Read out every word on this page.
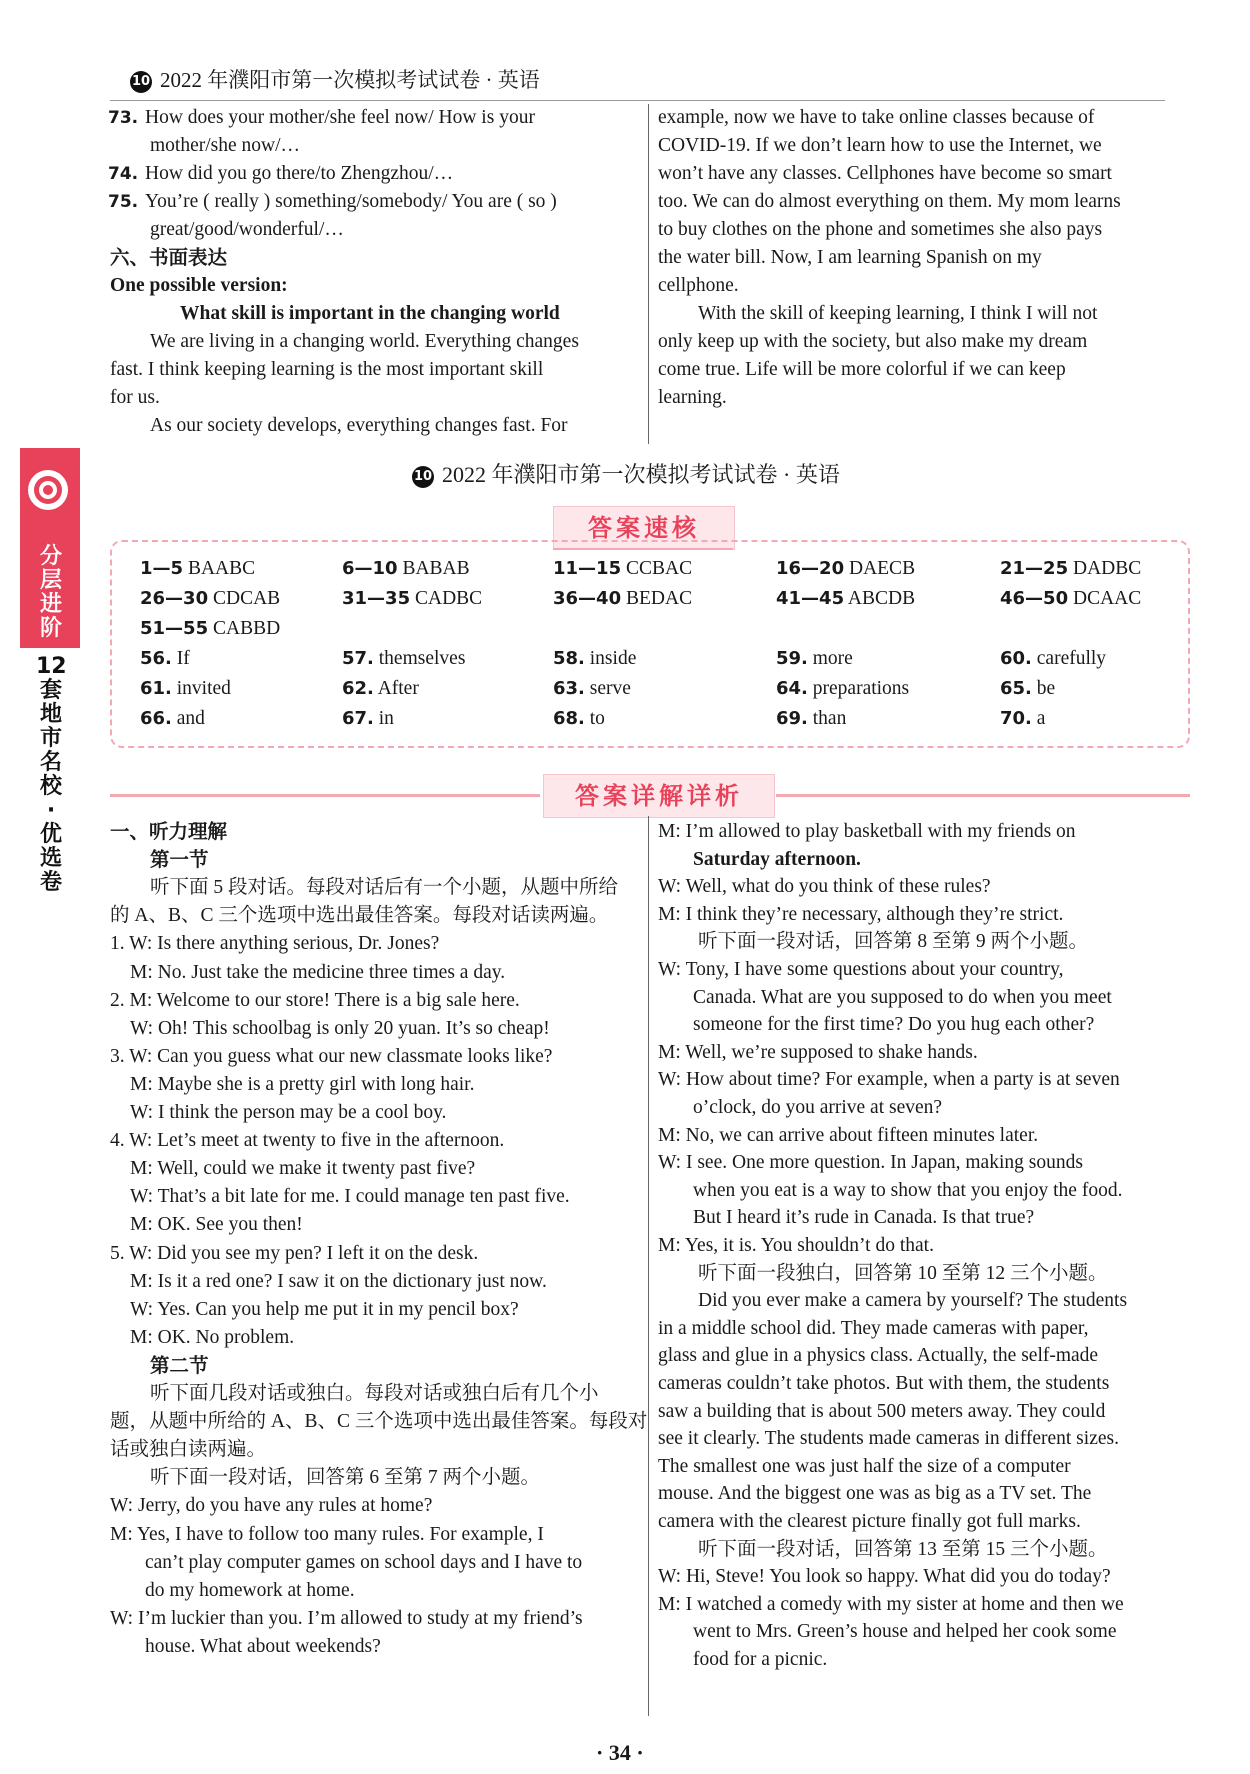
10 2022 年濮阳市第一次模拟考试试卷 · 英语
73. How does your mother/she feel now/ How is your
mother/she now/…
74. How did you go there/to Zhengzhou/…
75. You’re ( really ) something/somebody/ You are ( so )
great/good/wonderful/…
六、书面表达
One possible version:
What skill is important in the changing world
We are living in a changing world. Everything changes
fast. I think keeping learning is the most important skill
for us.
As our society develops, everything changes fast. For
example, now we have to take online classes because of
COVID-19. If we don’t learn how to use the Internet, we
won’t have any classes. Cellphones have become so smart
too. We can do almost everything on them. My mom learns
to buy clothes on the phone and sometimes she also pays
the water bill. Now, I am learning Spanish on my
cellphone.
With the skill of keeping learning, I think I will not
only keep up with the society, but also make my dream
come true. Life will be more colorful if we can keep
learning.
分层进阶
12套地市名校·优选卷
10 2022 年濮阳市第一次模拟考试试卷 · 英语
答案速核
1—5 BAABC	6—10 BABAB	11—15 CCBAC	16—20 DAECB	21—25 DADBC
26—30 CDCAB	31—35 CADBC	36—40 BEDAC	41—45 ABCDB	46—50 DCAAC
51—55 CABBD
56. If	57. themselves	58. inside	59. more	60. carefully
61. invited	62. After	63. serve	64. preparations	65. be
66. and	67. in	68. to	69. than	70. a
答案详解详析
一、听力理解
第一节
听下面 5 段对话。每段对话后有一个小题，从题中所给
的 A、B、C 三个选项中选出最佳答案。每段对话读两遍。
1. W: Is there anything serious, Dr. Jones?
M: No. Just take the medicine three times a day.
2. M: Welcome to our store! There is a big sale here.
W: Oh! This schoolbag is only 20 yuan. It’s so cheap!
3. W: Can you guess what our new classmate looks like?
M: Maybe she is a pretty girl with long hair.
W: I think the person may be a cool boy.
4. W: Let’s meet at twenty to five in the afternoon.
M: Well, could we make it twenty past five?
W: That’s a bit late for me. I could manage ten past five.
M: OK. See you then!
5. W: Did you see my pen? I left it on the desk.
M: Is it a red one? I saw it on the dictionary just now.
W: Yes. Can you help me put it in my pencil box?
M: OK. No problem.
第二节
听下面几段对话或独白。每段对话或独白后有几个小
题，从题中所给的 A、B、C 三个选项中选出最佳答案。每段对
话或独白读两遍。
听下面一段对话，回答第 6 至第 7 两个小题。
W: Jerry, do you have any rules at home?
M: Yes, I have to follow too many rules. For example, I
can’t play computer games on school days and I have to
do my homework at home.
W: I’m luckier than you. I’m allowed to study at my friend’s
house. What about weekends?
M: I’m allowed to play basketball with my friends on
Saturday afternoon.
W: Well, what do you think of these rules?
M: I think they’re necessary, although they’re strict.
听下面一段对话，回答第 8 至第 9 两个小题。
W: Tony, I have some questions about your country,
Canada. What are you supposed to do when you meet
someone for the first time? Do you hug each other?
M: Well, we’re supposed to shake hands.
W: How about time? For example, when a party is at seven
o’clock, do you arrive at seven?
M: No, we can arrive about fifteen minutes later.
W: I see. One more question. In Japan, making sounds
when you eat is a way to show that you enjoy the food.
But I heard it’s rude in Canada. Is that true?
M: Yes, it is. You shouldn’t do that.
听下面一段独白，回答第 10 至第 12 三个小题。
Did you ever make a camera by yourself? The students
in a middle school did. They made cameras with paper,
glass and glue in a physics class. Actually, the self-made
cameras couldn’t take photos. But with them, the students
saw a building that is about 500 meters away. They could
see it clearly. The students made cameras in different sizes.
The smallest one was just half the size of a computer
mouse. And the biggest one was as big as a TV set. The
camera with the clearest picture finally got full marks.
听下面一段对话，回答第 13 至第 15 三个小题。
W: Hi, Steve! You look so happy. What did you do today?
M: I watched a comedy with my sister at home and then we
went to Mrs. Green’s house and helped her cook some
food for a picnic.
· 34 ·
